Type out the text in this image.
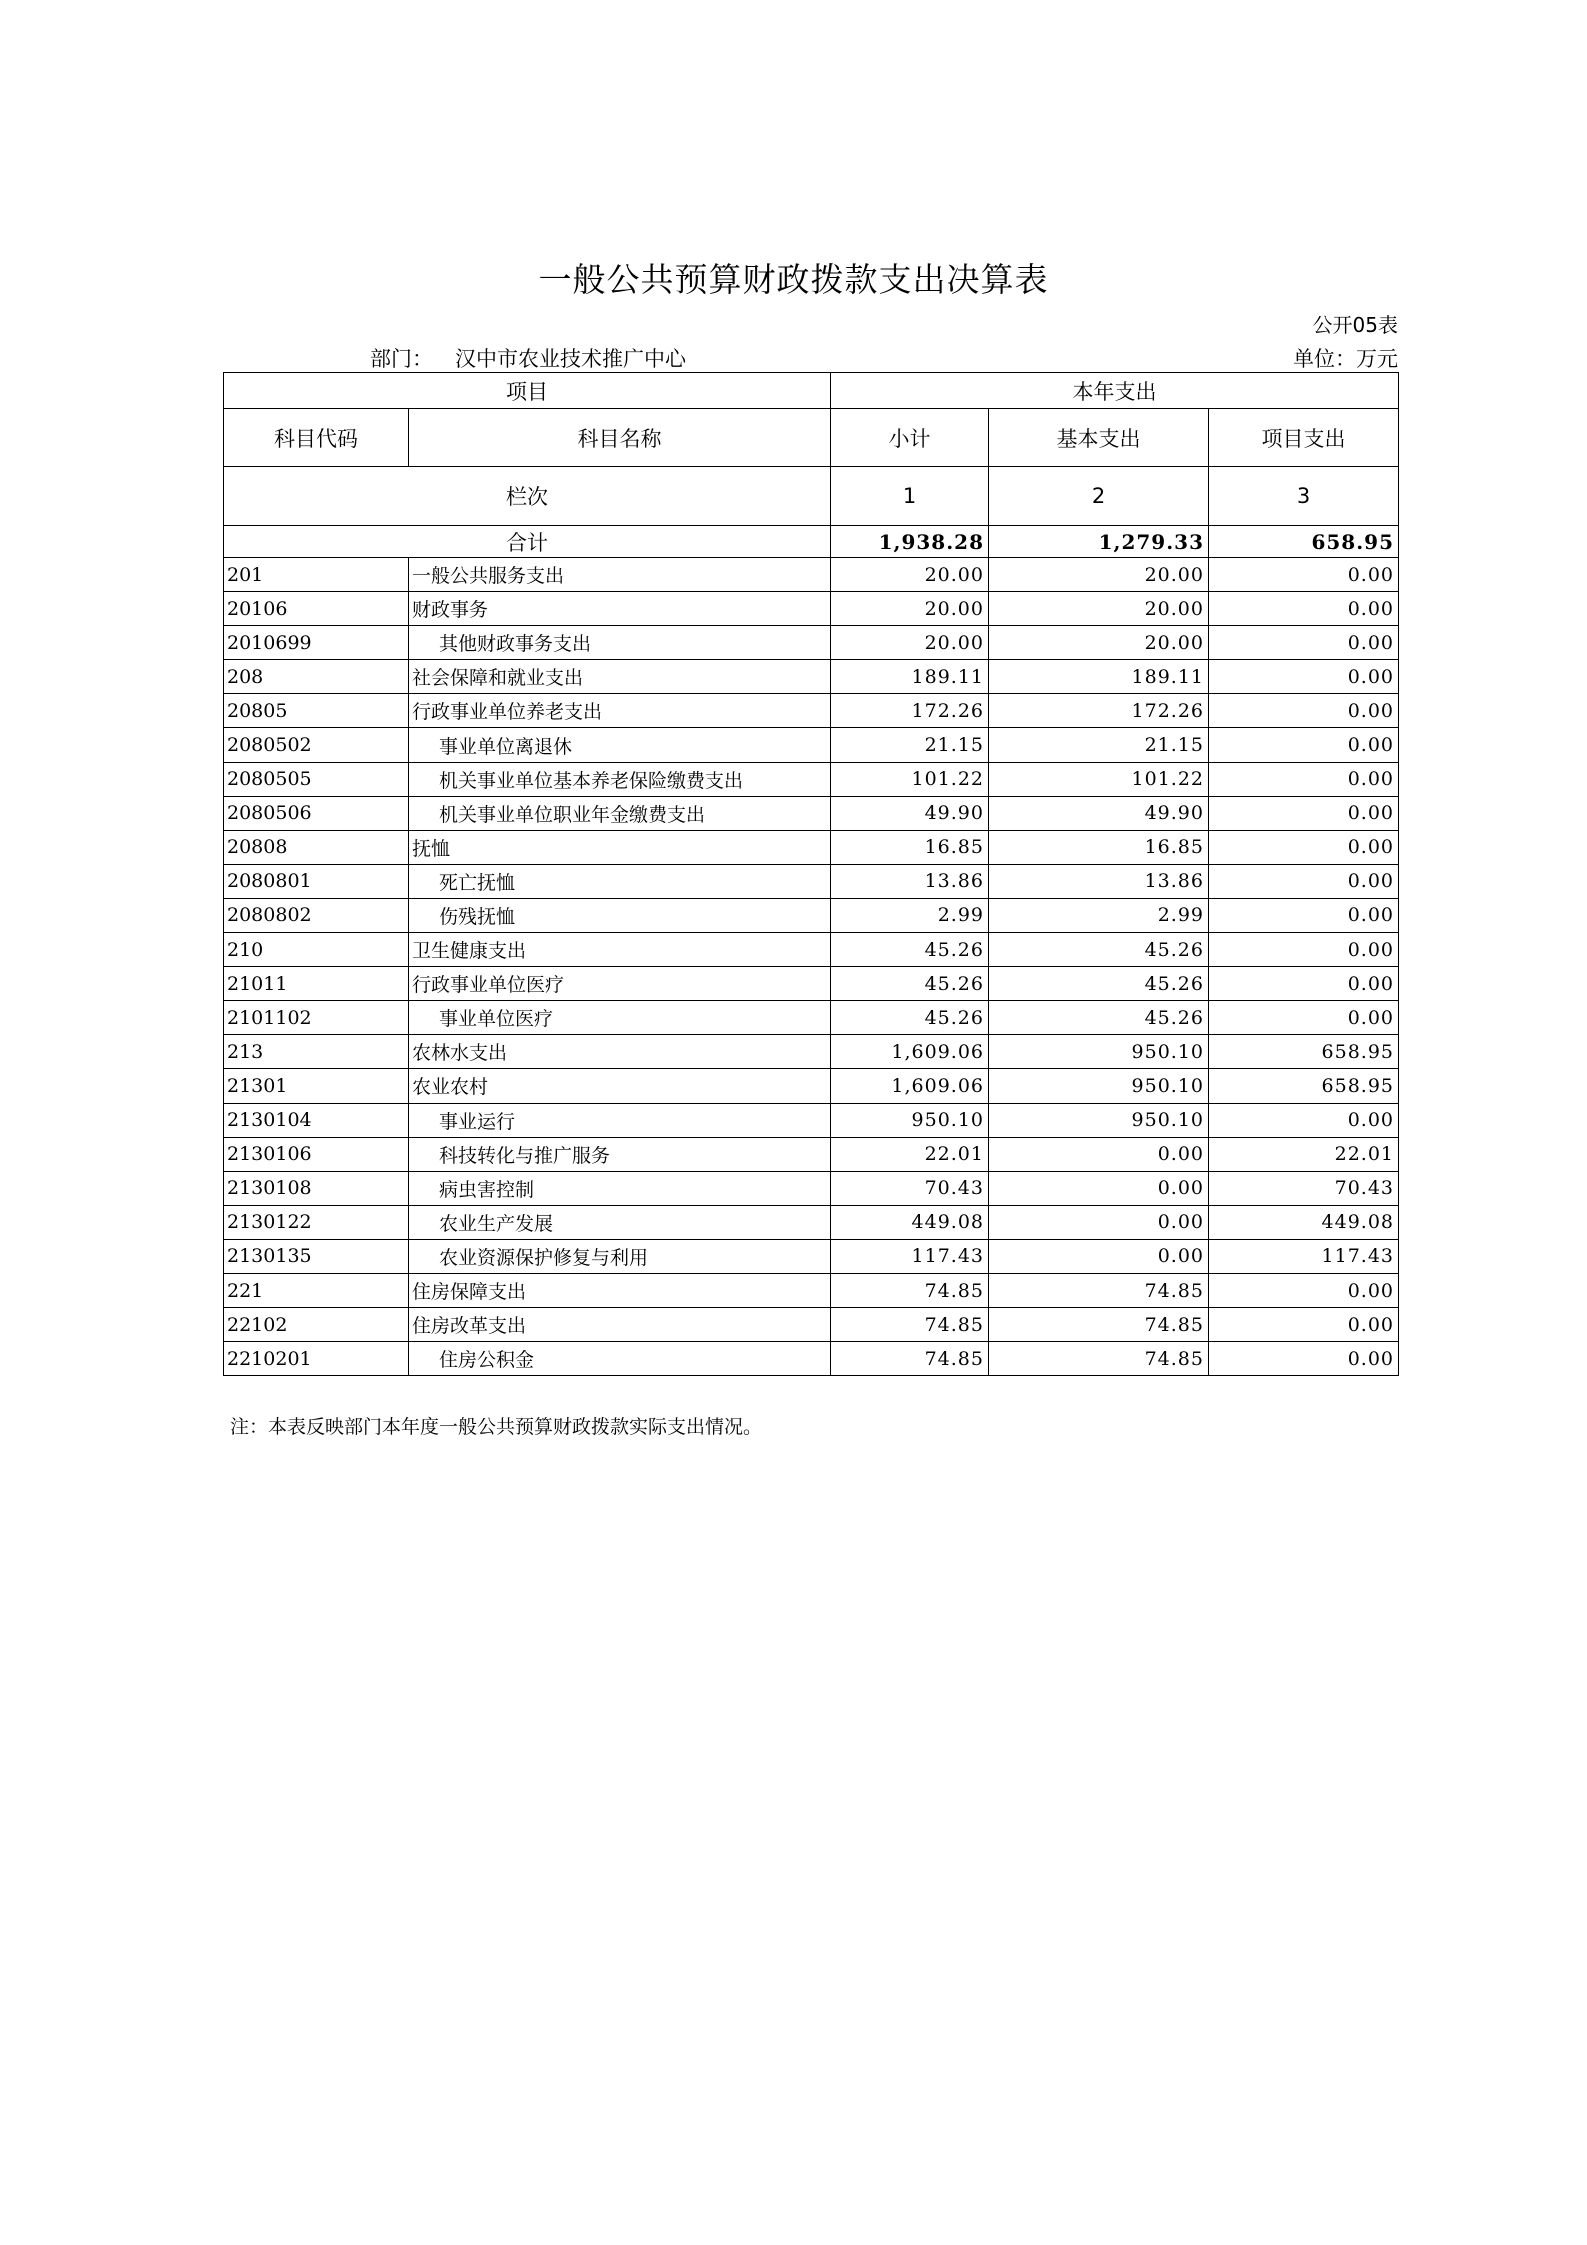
一般公共预算财政拨款支出决算表
公开05表
部门： 汉中市农业技术推广中心	单位：万元
项目		本年支出		
科目代码	科目名称	小计	基本支出	项目支出
栏次		1	2	3
合计		1,938.28	1,279.33	658.95
201	一般公共服务支出	20.00	20.00	0.00
20106	财政事务	20.00	20.00	0.00
2010699	其他财政事务支出	20.00	20.00	0.00
208	社会保障和就业支出	189.11	189.11	0.00
20805	行政事业单位养老支出	172.26	172.26	0.00
2080502	事业单位离退休	21.15	21.15	0.00
2080505	机关事业单位基本养老保险缴费支出	101.22	101.22	0.00
2080506	机关事业单位职业年金缴费支出	49.90	49.90	0.00
20808	抚恤	16.85	16.85	0.00
2080801	死亡抚恤	13.86	13.86	0.00
2080802	伤残抚恤	2.99	2.99	0.00
210	卫生健康支出	45.26	45.26	0.00
21011	行政事业单位医疗	45.26	45.26	0.00
2101102	事业单位医疗	45.26	45.26	0.00
213	农林水支出	1,609.06	950.10	658.95
21301	农业农村	1,609.06	950.10	658.95
2130104	事业运行	950.10	950.10	0.00
2130106	科技转化与推广服务	22.01	0.00	22.01
2130108	病虫害控制	70.43	0.00	70.43
2130122	农业生产发展	449.08	0.00	449.08
2130135	农业资源保护修复与利用	117.43	0.00	117.43
221	住房保障支出	74.85	74.85	0.00
22102	住房改革支出	74.85	74.85	0.00
2210201	住房公积金	74.85	74.85	0.00
注：本表反映部门本年度一般公共预算财政拨款实际支出情况。
